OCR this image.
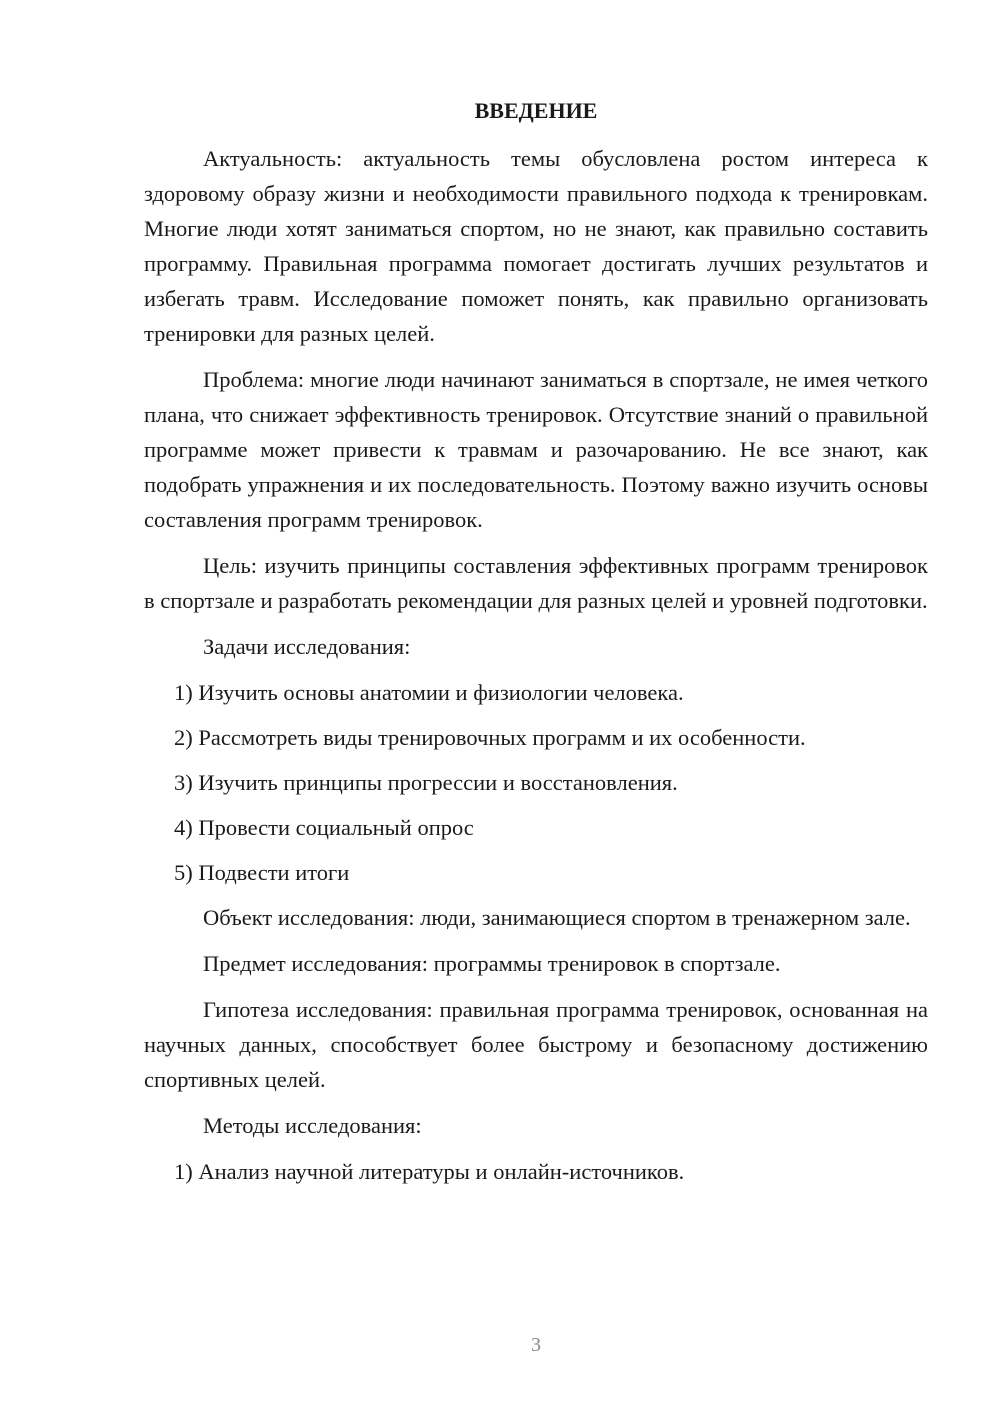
ВВЕДЕНИЕ

Актуальность: актуальность темы обусловлена ростом интереса к здоровому образу жизни и необходимости правильного подхода к тренировкам. Многие люди хотят заниматься спортом, но не знают, как правильно составить программу. Правильная программа помогает достигать лучших результатов и избегать травм. Исследование поможет понять, как правильно организовать тренировки для разных целей.

Проблема: многие люди начинают заниматься в спортзале, не имея четкого плана, что снижает эффективность тренировок. Отсутствие знаний о правильной программе может привести к травмам и разочарованию. Не все знают, как подобрать упражнения и их последовательность. Поэтому важно изучить основы составления программ тренировок.

Цель: изучить принципы составления эффективных программ тренировок в спортзале и разработать рекомендации для разных целей и уровней подготовки.

Задачи исследования:

1) Изучить основы анатомии и физиологии человека.
2) Рассмотреть виды тренировочных программ и их особенности.
3) Изучить принципы прогрессии и восстановления.
4) Провести социальный опрос
5) Подвести итоги

Объект исследования: люди, занимающиеся спортом в тренажерном зале.

Предмет исследования: программы тренировок в спортзале.

Гипотеза исследования: правильная программа тренировок, основанная на научных данных, способствует более быстрому и безопасному достижению спортивных целей.

Методы исследования:

1) Анализ научной литературы и онлайн-источников.
3
